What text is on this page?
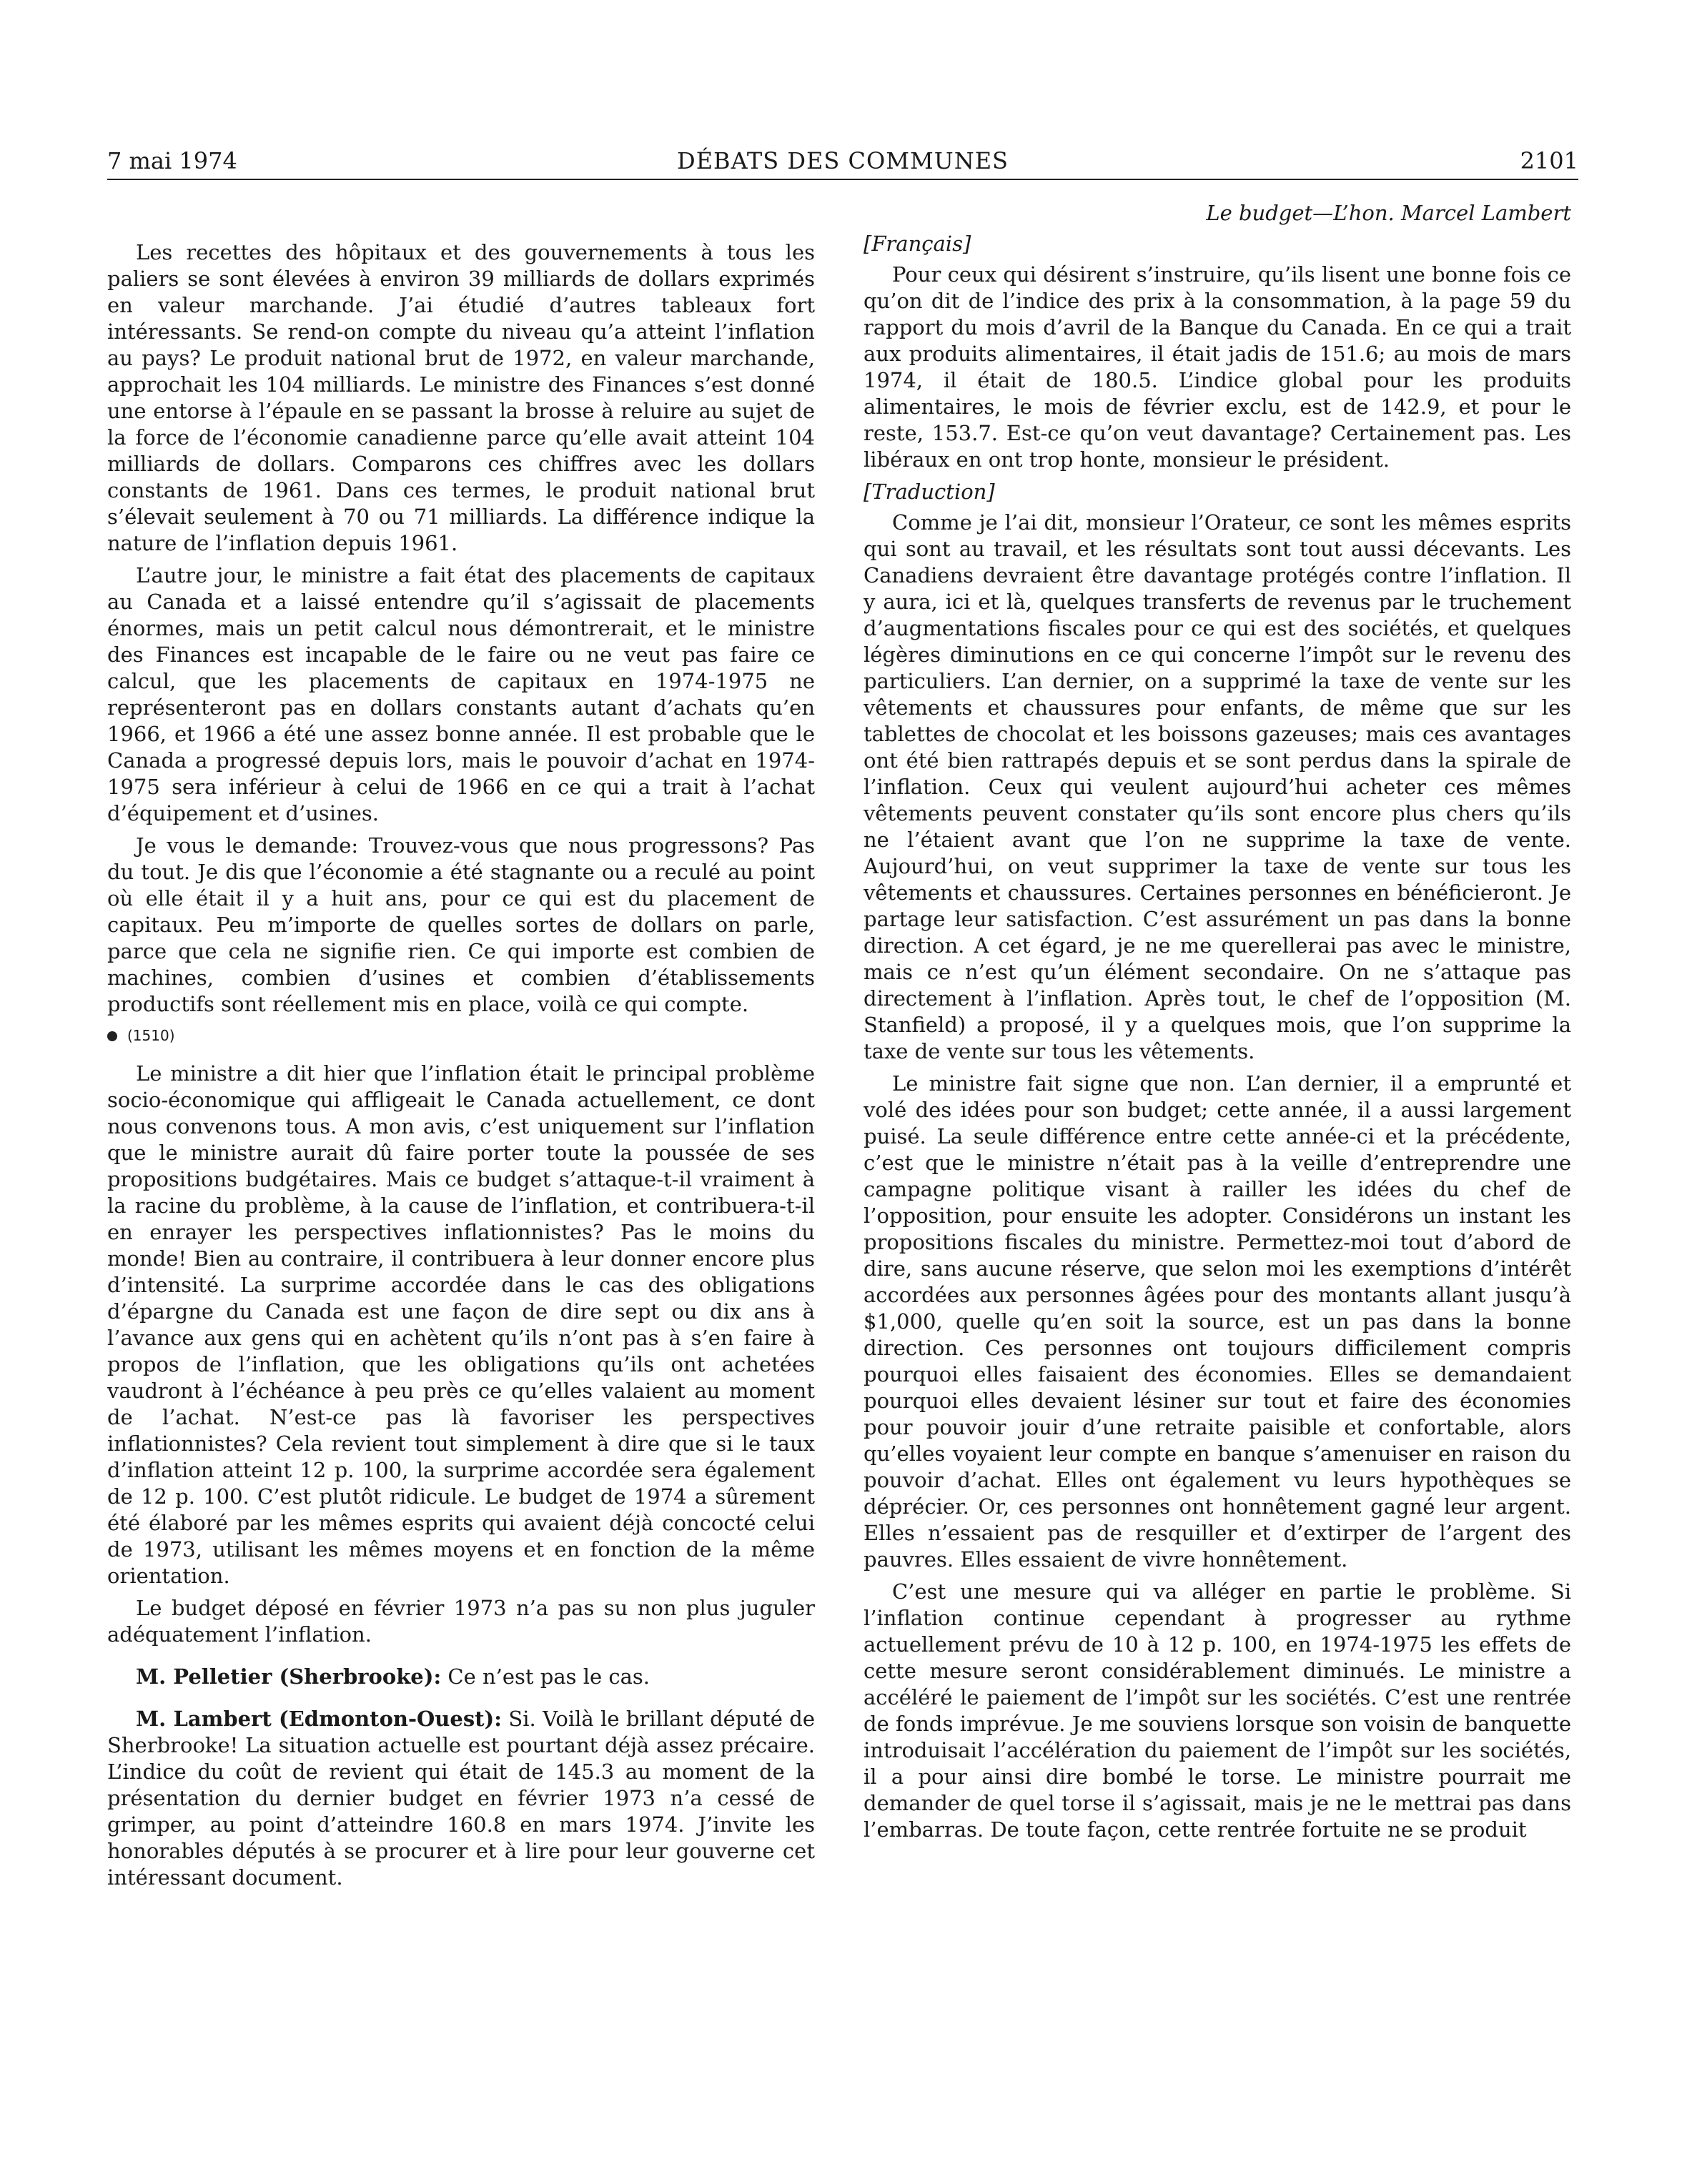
7 mai 1974	DÉBATS DES COMMUNES	2101

Les recettes des hôpitaux et des gouvernements à tous les paliers se sont élevées à environ 39 milliards de dollars exprimés en valeur marchande. J’ai étudié d’autres tableaux fort intéressants. Se rend-on compte du niveau qu’a atteint l’inflation au pays? Le produit national brut de 1972, en valeur marchande, approchait les 104 milliards. Le ministre des Finances s’est donné une entorse à l’épaule en se passant la brosse à reluire au sujet de la force de l’économie canadienne parce qu’elle avait atteint 104 milliards de dollars. Comparons ces chiffres avec les dollars constants de 1961. Dans ces termes, le produit national brut s’élevait seulement à 70 ou 71 milliards. La différence indique la nature de l’inflation depuis 1961.

L’autre jour, le ministre a fait état des placements de capitaux au Canada et a laissé entendre qu’il s’agissait de placements énormes, mais un petit calcul nous démontrerait, et le ministre des Finances est incapable de le faire ou ne veut pas faire ce calcul, que les placements de capitaux en 1974-1975 ne représenteront pas en dollars constants autant d’achats qu’en 1966, et 1966 a été une assez bonne année. Il est probable que le Canada a progressé depuis lors, mais le pouvoir d’achat en 1974-1975 sera inférieur à celui de 1966 en ce qui a trait à l’achat d’équipement et d’usines.

Je vous le demande: Trouvez-vous que nous progressons? Pas du tout. Je dis que l’économie a été stagnante ou a reculé au point où elle était il y a huit ans, pour ce qui est du placement de capitaux. Peu m’importe de quelles sortes de dollars on parle, parce que cela ne signifie rien. Ce qui importe est combien de machines, combien d’usines et combien d’établissements productifs sont réellement mis en place, voilà ce qui compte.

(1510)

Le ministre a dit hier que l’inflation était le principal problème socio-économique qui affligeait le Canada actuellement, ce dont nous convenons tous. A mon avis, c’est uniquement sur l’inflation que le ministre aurait dû faire porter toute la poussée de ses propositions budgétaires. Mais ce budget s’attaque-t-il vraiment à la racine du problème, à la cause de l’inflation, et contribuera-t-il en enrayer les perspectives inflationnistes? Pas le moins du monde! Bien au contraire, il contribuera à leur donner encore plus d’intensité. La surprime accordée dans le cas des obligations d’épargne du Canada est une façon de dire sept ou dix ans à l’avance aux gens qui en achètent qu’ils n’ont pas à s’en faire à propos de l’inflation, que les obligations qu’ils ont achetées vaudront à l’échéance à peu près ce qu’elles valaient au moment de l’achat. N’est-ce pas là favoriser les perspectives inflationnistes? Cela revient tout simplement à dire que si le taux d’inflation atteint 12 p. 100, la surprime accordée sera également de 12 p. 100. C’est plutôt ridicule. Le budget de 1974 a sûrement été élaboré par les mêmes esprits qui avaient déjà concocté celui de 1973, utilisant les mêmes moyens et en fonction de la même orientation.

Le budget déposé en février 1973 n’a pas su non plus juguler adéquatement l’inflation.

M. Pelletier (Sherbrooke): Ce n’est pas le cas.

M. Lambert (Edmonton-Ouest): Si. Voilà le brillant député de Sherbrooke! La situation actuelle est pourtant déjà assez précaire. L’indice du coût de revient qui était de 145.3 au moment de la présentation du dernier budget en février 1973 n’a cessé de grimper, au point d’atteindre 160.8 en mars 1974. J’invite les honorables députés à se procurer et à lire pour leur gouverne cet intéressant document.

Le budget—L’hon. Marcel Lambert

[Français]

Pour ceux qui désirent s’instruire, qu’ils lisent une bonne fois ce qu’on dit de l’indice des prix à la consommation, à la page 59 du rapport du mois d’avril de la Banque du Canada. En ce qui a trait aux produits alimentaires, il était jadis de 151.6; au mois de mars 1974, il était de 180.5. L’indice global pour les produits alimentaires, le mois de février exclu, est de 142.9, et pour le reste, 153.7. Est-ce qu’on veut davantage? Certainement pas. Les libéraux en ont trop honte, monsieur le président.

[Traduction]

Comme je l’ai dit, monsieur l’Orateur, ce sont les mêmes esprits qui sont au travail, et les résultats sont tout aussi décevants. Les Canadiens devraient être davantage protégés contre l’inflation. Il y aura, ici et là, quelques transferts de revenus par le truchement d’augmentations fiscales pour ce qui est des sociétés, et quelques légères diminutions en ce qui concerne l’impôt sur le revenu des particuliers. L’an dernier, on a supprimé la taxe de vente sur les vêtements et chaussures pour enfants, de même que sur les tablettes de chocolat et les boissons gazeuses; mais ces avantages ont été bien rattrapés depuis et se sont perdus dans la spirale de l’inflation. Ceux qui veulent aujourd’hui acheter ces mêmes vêtements peuvent constater qu’ils sont encore plus chers qu’ils ne l’étaient avant que l’on ne supprime la taxe de vente. Aujourd’hui, on veut supprimer la taxe de vente sur tous les vêtements et chaussures. Certaines personnes en bénéficieront. Je partage leur satisfaction. C’est assurément un pas dans la bonne direction. A cet égard, je ne me querellerai pas avec le ministre, mais ce n’est qu’un élément secondaire. On ne s’attaque pas directement à l’inflation. Après tout, le chef de l’opposition (M. Stanfield) a proposé, il y a quelques mois, que l’on supprime la taxe de vente sur tous les vêtements.

Le ministre fait signe que non. L’an dernier, il a emprunté et volé des idées pour son budget; cette année, il a aussi largement puisé. La seule différence entre cette année-ci et la précédente, c’est que le ministre n’était pas à la veille d’entreprendre une campagne politique visant à railler les idées du chef de l’opposition, pour ensuite les adopter. Considérons un instant les propositions fiscales du ministre. Permettez-moi tout d’abord de dire, sans aucune réserve, que selon moi les exemptions d’intérêt accordées aux personnes âgées pour des montants allant jusqu’à $1,000, quelle qu’en soit la source, est un pas dans la bonne direction. Ces personnes ont toujours difficilement compris pourquoi elles faisaient des économies. Elles se demandaient pourquoi elles devaient lésiner sur tout et faire des économies pour pouvoir jouir d’une retraite paisible et confortable, alors qu’elles voyaient leur compte en banque s’amenuiser en raison du pouvoir d’achat. Elles ont également vu leurs hypothèques se déprécier. Or, ces personnes ont honnêtement gagné leur argent. Elles n’essaient pas de resquiller et d’extirper de l’argent des pauvres. Elles essaient de vivre honnêtement.

C’est une mesure qui va alléger en partie le problème. Si l’inflation continue cependant à progresser au rythme actuellement prévu de 10 à 12 p. 100, en 1974-1975 les effets de cette mesure seront considérablement diminués. Le ministre a accéléré le paiement de l’impôt sur les sociétés. C’est une rentrée de fonds imprévue. Je me souviens lorsque son voisin de banquette introduisait l’accélération du paiement de l’impôt sur les sociétés, il a pour ainsi dire bombé le torse. Le ministre pourrait me demander de quel torse il s’agissait, mais je ne le mettrai pas dans l’embarras. De toute façon, cette rentrée fortuite ne se produit
